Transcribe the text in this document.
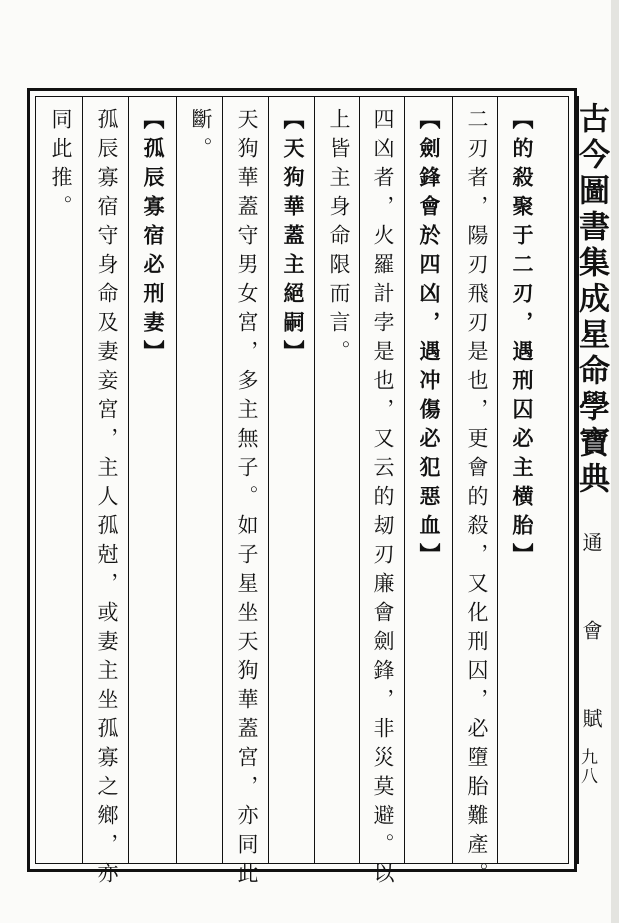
【的殺聚于二刃，遇刑囚必主横胎】
二刃者，陽刃飛刃是也，更會的殺，又化刑囚，必墮胎難產。
【劍鋒會於四凶，遇冲傷必犯惡血】
四凶者，火羅計孛是也，又云的刼刃廉會劍鋒，非災莫避。以
上皆主身命限而言。
【天狗華蓋主絕嗣】
天狗華蓋守男女宮，多主無子。如子星坐天狗華蓋宮，亦同此
斷。
【孤辰寡宿必刑妻】
孤辰寡宿守身命及妻妾宮，主人孤尅，或妻主坐孤寡之鄉，亦
同此推。	古今圖書集成星命學寶典
通 會 賦
九八
